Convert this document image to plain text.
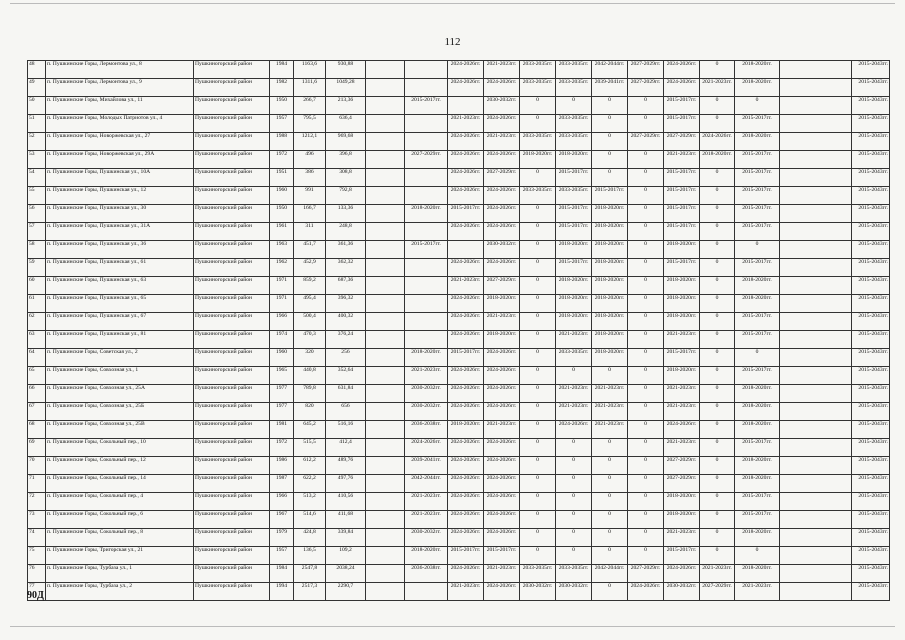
112
48	п. Пушкинские Горы, Лермонтова ул., 8	Пушкиногорский район	1984	1163,6	930,88			2024-2026гг.	2021-2023гг.	2033-2035гг.	2033-2035гг.	2042-2044гг.	2027-2029гг.	2024-2026гг.	0	2018-2020гг.		2015-2043гг.
49	п. Пушкинские Горы, Лермонтова ул., 9	Пушкиногорский район	1982	1311,6	1049,28			2024-2026гг.	2024-2026гг.	2033-2035гг.	2033-2035гг.	2039-2041гг.	2027-2029гг.	2024-2026гг.	2021-2023гг.	2018-2020гг.		2015-2043гг.
50	п. Пушкинские Горы, Михайлова ул., 11	Пушкиногорский район	1950	266,7	213,36		2015-2017гг.		2030-2032гг.	0	0	0	0	2015-2017гг.	0	0		2015-2043гг.
51	п. Пушкинские Горы, Молодых Патриотов ул., 4	Пушкиногорский район	1957	795,5	636,4			2021-2023гг.	2024-2026гг.	0	2033-2035гг.	0	0	2015-2017гг.	0	2015-2017гг.		2015-2043гг.
52	п. Пушкинские Горы, Новоржевская ул., 27	Пушкиногорский район	1988	1212,1	969,68			2024-2026гг.	2021-2023гг.	2033-2035гг.	2033-2035гг.	0	2027-2029гг.	2027-2029гг.	2024-2026гг.	2018-2020гг.		2015-2043гг.
53	п. Пушкинские Горы, Новоржевская ул., 29А	Пушкиногорский район	1972	496	396,8		2027-2029гг.	2024-2026гг.	2024-2026гг.	2018-2020гг.	2018-2020гг.	0	0	2021-2023гг.	2018-2020гг.	2015-2017гг.		2015-2043гг.
54	п. Пушкинские Горы, Пушкинская ул., 10А	Пушкиногорский район	1951	386	308,8			2024-2026гг.	2027-2029гг.	0	2015-2017гг.	0	0	2015-2017гг.	0	2015-2017гг.		2015-2043гг.
55	п. Пушкинские Горы, Пушкинская ул., 12	Пушкиногорский район	1960	991	792,8			2024-2026гг.	2024-2026гг.	2033-2035гг.	2033-2035гг.	2015-2017гг.	0	2015-2017гг.	0	2015-2017гг.		2015-2043гг.
56	п. Пушкинские Горы, Пушкинская ул., 30	Пушкиногорский район	1950	166,7	133,36		2018-2020гг.	2015-2017гг.	2024-2026гг.	0	2015-2017гг.	2018-2020гг.	0	2015-2017гг.	0	2015-2017гг.		2015-2043гг.
57	п. Пушкинские Горы, Пушкинская ул., 31А	Пушкиногорский район	1961	311	248,8			2024-2026гг.	2024-2026гг.	0	2015-2017гг.	2018-2020гг.	0	2015-2017гг.	0	2015-2017гг.		2015-2043гг.
58	п. Пушкинские Горы, Пушкинская ул., 36	Пушкиногорский район	1963	451,7	361,36		2015-2017гг.		2030-2032гг.	0	2018-2020гг.	2018-2020гг.	0	2018-2020гг.	0	0		2015-2043гг.
59	п. Пушкинские Горы, Пушкинская ул., 61	Пушкиногорский район	1962	452,9	362,32			2024-2026гг.	2024-2026гг.	0	2015-2017гг.	2018-2020гг.	0	2015-2017гг.	0	2015-2017гг.		2015-2043гг.
60	п. Пушкинские Горы, Пушкинская ул., 63	Пушкиногорский район	1971	859,2	687,36			2021-2023гг.	2027-2029гг.	0	2018-2020гг.	2018-2020гг.	0	2018-2020гг.	0	2018-2020гг.		2015-2043гг.
61	п. Пушкинские Горы, Пушкинская ул., 65	Пушкиногорский район	1971	495,4	396,32			2024-2026гг.	2018-2020гг.	0	2018-2020гг.	2018-2020гг.	0	2018-2020гг.	0	2018-2020гг.		2015-2043гг.
62	п. Пушкинские Горы, Пушкинская ул., 67	Пушкиногорский район	1966	500,4	400,32			2024-2026гг.	2021-2023гг.	0	2018-2020гг.	2018-2020гг.	0	2018-2020гг.	0	2015-2017гг.		2015-2043гг.
63	п. Пушкинские Горы, Пушкинская ул., 81	Пушкиногорский район	1974	470,3	376,24			2024-2026гг.	2018-2020гг.	0	2021-2023гг.	2018-2020гг.	0	2021-2023гг.	0	2015-2017гг.		2015-2043гг.
64	п. Пушкинские Горы, Советская ул., 2	Пушкиногорский район	1960	320	256		2018-2020гг.	2015-2017гг.	2024-2026гг.	0	2033-2035гг.	2018-2020гг.	0	2015-2017гг.	0	0		2015-2043гг.
65	п. Пушкинские Горы, Совхозная ул., 1	Пушкиногорский район	1965	440,8	352,64		2021-2023гг.	2024-2026гг.	2024-2026гг.	0	0	0	0	2018-2020гг.	0	2015-2017гг.		2015-2043гг.
66	п. Пушкинские Горы, Совхозная ул., 25А	Пушкиногорский район	1977	789,8	631,84		2030-2032гг.	2024-2026гг.	2024-2026гг.	0	2021-2023гг.	2021-2023гг.	0	2021-2023гг.	0	2018-2020гг.		2015-2043гг.
67	п. Пушкинские Горы, Совхозная ул., 25Б	Пушкиногорский район	1977	820	656		2030-2032гг.	2024-2026гг.	2024-2026гг.	0	2021-2023гг.	2021-2023гг.	0	2021-2023гг.	0	2018-2020гг.		2015-2043гг.
68	п. Пушкинские Горы, Совхозная ул., 25В	Пушкиногорский район	1981	645,2	516,16		2036-2038гг.	2018-2020гг.	2021-2023гг.	0	2024-2026гг.	2021-2023гг.	0	2024-2026гг.	0	2018-2020гг.		2015-2043гг.
69	п. Пушкинские Горы, Сокольный пер., 10	Пушкиногорский район	1972	515,5	412,4		2024-2026гг.	2024-2026гг.	2024-2026гг.	0	0	0	0	2021-2023гг.	0	2015-2017гг.		2015-2043гг.
70	п. Пушкинские Горы, Сокольный пер., 12	Пушкиногорский район	1986	612,2	489,76		2039-2041гг.	2024-2026гг.	2024-2026гг.	0	0	0	0	2027-2029гг.	0	2018-2020гг.		2015-2043гг.
71	п. Пушкинские Горы, Сокольный пер., 14	Пушкиногорский район	1987	622,2	497,76		2042-2044гг.	2024-2026гг.	2024-2026гг.	0	0	0	0	2027-2029гг.	0	2018-2020гг.		2015-2043гг.
72	п. Пушкинские Горы, Сокольный пер., 4	Пушкиногорский район	1966	513,2	410,56		2021-2023гг.	2024-2026гг.	2024-2026гг.	0	0	0	0	2018-2020гг.	0	2015-2017гг.		2015-2043гг.
73	п. Пушкинские Горы, Сокольный пер., 6	Пушкиногорский район	1967	514,6	411,68		2021-2023гг.	2024-2026гг.	2024-2026гг.	0	0	0	0	2018-2020гг.	0	2015-2017гг.		2015-2043гг.
74	п. Пушкинские Горы, Сокольный пер., 8	Пушкиногорский район	1979	424,8	339,84		2030-2032гг.	2024-2026гг.	2024-2026гг.	0	0	0	0	2021-2023гг.	0	2018-2020гг.		2015-2043гг.
75	п. Пушкинские Горы, Тригорская ул., 21	Пушкиногорский район	1957	136,5	109,2		2018-2020гг.	2015-2017гг.	2015-2017гг.	0	0	0	0	2015-2017гг.	0	0		2015-2043гг.
76	п. Пушкинские Горы, Турбаза ул., 1	Пушкиногорский район	1984	2547,8	2038,24		2036-2038гг.	2024-2026гг.	2021-2023гг.	2033-2035гг.	2033-2035гг.	2042-2044гг.	2027-2029гг.	2024-2026гг.	2021-2023гг.	2018-2020гг.		2015-2043гг.
77	п. Пушкинские Горы, Турбаза ул., 2	Пушкиногорский район	1994	2517,3	2290,7			2021-2023гг.	2024-2026гг.	2030-2032гг.	2030-2032гг.	0	2024-2026гг.	2030-2032гг.	2027-2029гг.	2021-2023гг.		2015-2043гг.
90Д
